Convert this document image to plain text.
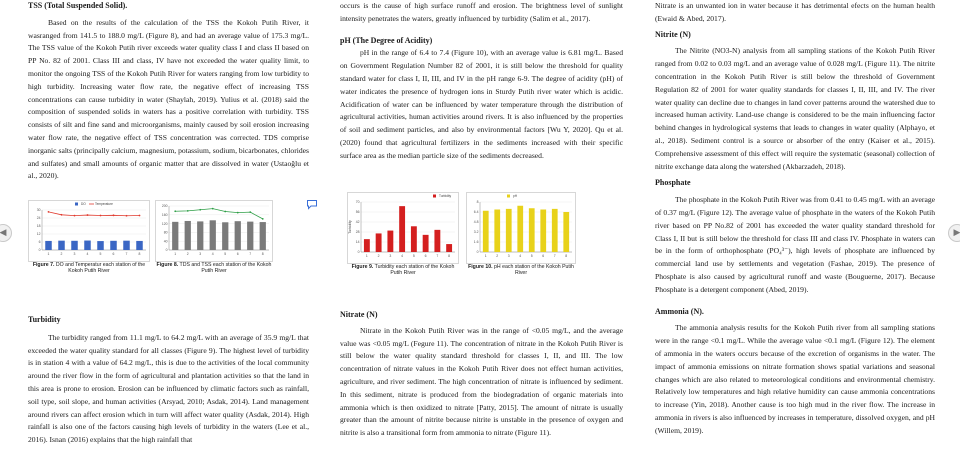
TSS (Total Suspended Solid).

Based on the results of the calculation of the TSS the Kokoh Putih River, it wasranged from 141.5 to 188.0 mg/L (Figure 8), and had an average value of 175.3 mg/L. The TSS value of the Kokoh Putih river exceeds water quality class I and class II based on PP No. 82 of 2001. Class III and class, IV have not exceeded the water quality limit, to monitor the ongoing TSS of the Kokoh Putih River for waters ranging from low turbidity to high turbidity. Increasing water flow rate, the negative effect of increasing TSS concentrations can cause turbidity in water (Shaylah, 2019). Yulius et al. (2018) said the composition of suspended solids in waters has a positive correlation with turbidity. TSS consists of silt and fine sand and microorganisms, mainly caused by soil erosion increasing water flow rate, the negative effect of TSS concentration was corrected. TDS comprise inorganic salts (principally calcium, magnesium, potassium, sodium, bicarbonates, chlorides and sulfates) and small amounts of organic matter that are dissolved in water (Ustaoğlu et al., 2020).

Turbidity

The turbidity ranged from 11.1 mg/L to 64.2 mg/L with an average of 35.9 mg/L that exceeded the water quality standard for all classes (Figure 9). The highest level of turbidity is in station 4 with a value of 64.2 mg/L, this is due to the activities of the local community around the river flow in the form of agricultural and plantation activities so that the land in this area is prone to erosion. Erosion can be influenced by climatic factors such as rainfall, soil type, soil slope, and human activities (Arsyad, 2010; Asdak, 2014). Land management around rivers can affect erosion which in turn will affect water quality (Asdak, 2014). High rainfall is also one of the factors causing high levels of turbidity in the waters (Lee et al., 2016). Isnan (2016) explains that the high rainfall that

occurs is the cause of high surface runoff and erosion. The brightness level of sunlight intensity penetrates the waters, greatly influenced by turbidity (Salim et al., 2017).

pH (The Degree of Acidity)

pH in the range of 6.4 to 7.4 (Figure 10), with an average value is 6.81 mg/L. Based on Government Regulation Number 82 of 2001, it is still below the threshold for quality standard water for class I, II, III, and IV in the pH range 6-9. The degree of acidity (pH) of water indicates the presence of hydrogen ions in Sturdy Putih river water which is acidic. Acidification of water can be influenced by water temperature through the distribution of agricultural activities, human activities around rivers. It is also influenced by the properties of soil and sediment particles, and also by environmental factors [Wu Y, 2020]. Qu et al. (2020) found that agricultural fertilizers in the sediments increased with their specific surface area as the median particle size of the sediments decreased.

Nitrate (N)

Nitrate in the Kokoh Putih River was in the range of <0.05 mg/L, and the average value was <0.05 mg/L (Fegure 11). The concentration of nitrate in the Kokoh Putih River is still below the water quality standard threshold for classes I, II, and III. The low concentration of nitrate values in the Kokoh Putih River does not effect human activities, agriculture, and river sediment. The high concentration of nitrate is influenced by sediment. In this sediment, nitrate is produced from the biodegradation of organic materials into ammonia which is then oxidized to nitrate [Patty, 2015]. The amount of nitrate is usually greater than the amount of nitrite because nitrite is unstable in the presence of oxygen and nitrite is also a transitional form from ammonia to nitrate (Figure 11).

Nitrate is an unwanted ion in water because it has detrimental efects on the human health (Ewaid & Abed, 2017).

Nitrite (N)

The Nitrite (NO3-N) analysis from all sampling stations of the Kokoh Putih River ranged from 0.02 to 0.03 mg/L and an average value of 0.028 mg/L (Figure 11). The nitrite concentration in the Kokoh Putih River is still below the threshold of Government Regulation 82 of 2001 for water quality standards for classes I, II, III, and IV. The river water quality can decline due to changes in land cover patterns around the watershed due to increased human activity. Land-use change is considered to be the main influencing factor behind changes in hydrological systems that leads to changes in water quality (Alphayo, et al., 2018). Sediment control is a source or absorber of the entry (Kaiser et al., 2015). Comprehensive assessment of this effect will require the systematic (seasonal) collection of nitrite exchange data along the watershed (Akbarzadeh, 2018).

Phosphate

The phosphate in the Kokoh Putih River was from 0.41 to 0.45 mg/L with an average of 0.37 mg/L (Figure 12). The average value of phosphate in the waters of the Kokoh Putih river based on PP No.82 of 2001 has exceeded the water quality standard threshold for Class I, II but is still below the threshold for class III and class IV. Phosphate in waters can be in the form of orthophosphate (PO₄³⁻), high levels of phosphate are influenced by commercial land use by settlements and vegetation (Fashae, 2019). The presence of Phosphate is also caused by agricultural runoff and waste (Bouguerne, 2017). Because Phosphate is a detergent component (Abed, 2019).

Ammonia (N).

The ammonia analysis results for the Kokoh Putih river from all sampling stations were in the range <0.1 mg/L. While the average value <0.1 mg/L (Figure 12). The element of ammonia in the waters occurs because of the excretion of organisms in the water. The impact of ammonia emissions on nitrate formation shows spatial variations and seasonal changes which are also related to meteorological conditions and environmental chemistry. Relatively low temperatures and high relative humidity can cause ammonia concentrations to increase (Yin, 2018). Another cause is too high mud in the river flow. The increase in ammonia in rivers is also influenced by increases in temperature, dissolved oxygen, and pH (Willem, 2019).

0
6
12
18
24
30
1	2	3	4	5	6	7	8
DO	Temperature
Figure 7. DO and Temperatur each station of the Kokoh Putih River
0
40
80
120
160
200
1	2	3	4	5	6	7	8
Figure 8. TDS and TSS each station of the Kokoh Putih River
0
14
28
42
56
70
1	2	3	4	5	6	7	8
Turbidity
Turbidity
Figure 9. Turbidity each station of the Kokoh Putih River
0
1.6
3.2
4.8
6.4
8
1	2	3	4	5	6	7	8
pH
Figure 10. pH each station of the Kokoh Putih River
◀	▶
